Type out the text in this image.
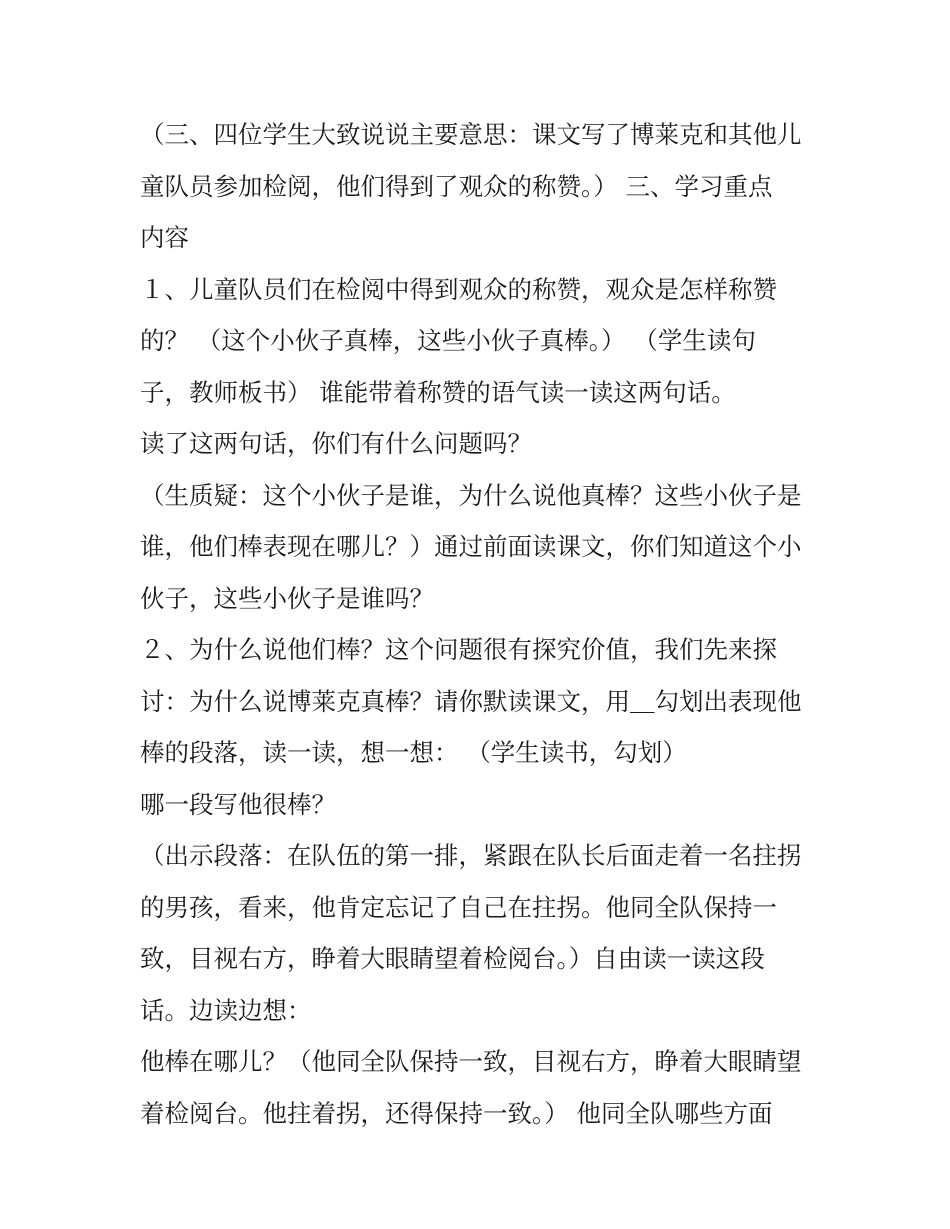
（三、四位学生大致说说主要意思：课文写了博莱克和其他儿
童队员参加检阅，他们得到了观众的称赞。） 三、学习重点
内容
１、儿童队员们在检阅中得到观众的称赞，观众是怎样称赞
的？ （这个小伙子真棒，这些小伙子真棒。） （学生读句
子，教师板书） 谁能带着称赞的语气读一读这两句话。
读了这两句话，你们有什么问题吗？
（生质疑：这个小伙子是谁，为什么说他真棒？这些小伙子是
谁，他们棒表现在哪儿？）通过前面读课文，你们知道这个小
伙子，这些小伙子是谁吗？
２、为什么说他们棒？这个问题很有探究价值，我们先来探
讨：为什么说博莱克真棒？请你默读课文，用＿勾划出表现他
棒的段落，读一读，想一想： （学生读书，勾划）
哪一段写他很棒？
（出示段落：在队伍的第一排，紧跟在队长后面走着一名拄拐
的男孩，看来，他肯定忘记了自己在拄拐。他同全队保持一
致，目视右方，睁着大眼睛望着检阅台。）自由读一读这段
话。边读边想：
他棒在哪儿？（他同全队保持一致，目视右方，睁着大眼睛望
着检阅台。他拄着拐，还得保持一致。） 他同全队哪些方面
